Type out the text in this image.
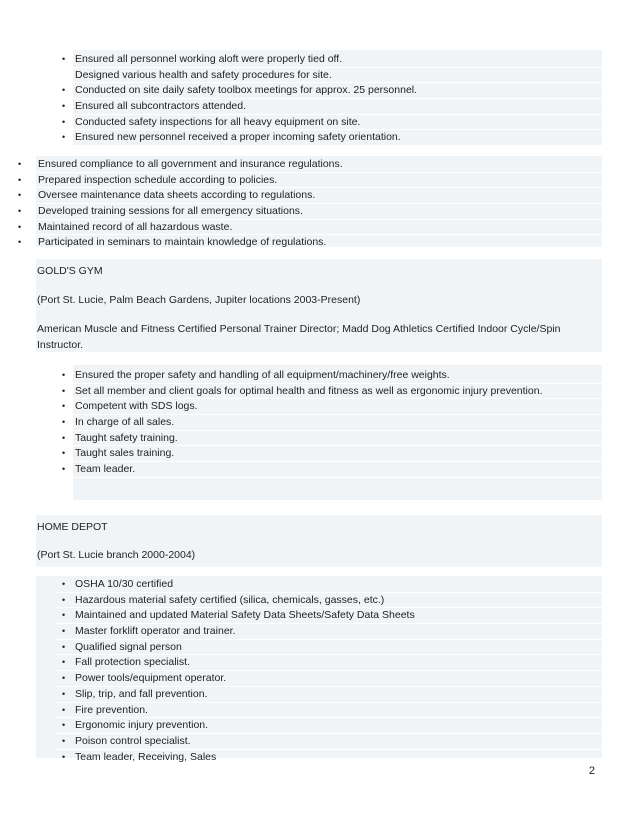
• Ensured all personnel working aloft were properly tied off.
Designed various health and safety procedures for site.
• Conducted on site daily safety toolbox meetings for approx. 25 personnel.
• Ensured all subcontractors attended.
• Conducted safety inspections for all heavy equipment on site.
• Ensured new personnel received a proper incoming safety orientation.
• Ensured compliance to all government and insurance regulations.
• Prepared inspection schedule according to policies.
• Oversee maintenance data sheets according to regulations.
• Developed training sessions for all emergency situations.
• Maintained record of all hazardous waste.
• Participated in seminars to maintain knowledge of regulations.
GOLD'S GYM
(Port St. Lucie, Palm Beach Gardens, Jupiter locations 2003-Present)
American Muscle and Fitness Certified Personal Trainer Director; Madd Dog Athletics Certified Indoor Cycle/Spin
Instructor.
• Ensured the proper safety and handling of all equipment/machinery/free weights.
• Set all member and client goals for optimal health and fitness as well as ergonomic injury prevention.
• Competent with SDS logs.
• In charge of all sales.
• Taught safety training.
• Taught sales training.
• Team leader.
HOME DEPOT
(Port St. Lucie branch 2000-2004)
• OSHA 10/30 certified
• Hazardous material safety certified (silica, chemicals, gasses, etc.)
• Maintained and updated Material Safety Data Sheets/Safety Data Sheets
• Master forklift operator and trainer.
• Qualified signal person
• Fall protection specialist.
• Power tools/equipment operator.
• Slip, trip, and fall prevention.
• Fire prevention.
• Ergonomic injury prevention.
• Poison control specialist.
• Team leader, Receiving, Sales
2
